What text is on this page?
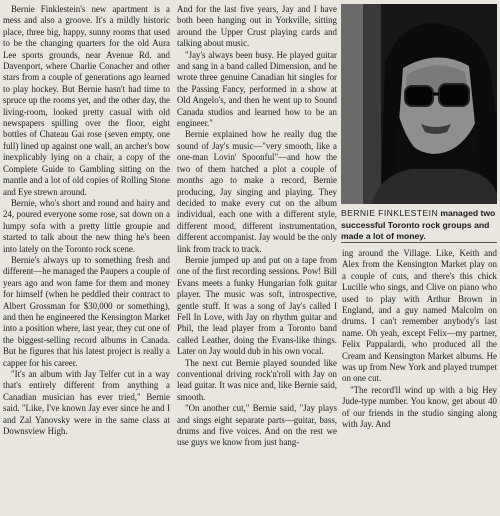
Bernie Finklestein's new apartment is a mess and also a groove. It's a mildly historic place, three big, happy, sunny rooms that used to be the changing quarters for the old Aura Lee sports grounds, near Avenue Rd. and Davenport, where Charlie Conacher and other stars from a couple of generations ago learned to play hockey. But Bernie hasn't had time to spruce up the rooms yet, and the other day, the living-room, looked pretty casual with old newspapers spilling over the floor, eight bottles of Chateau Gai rose (seven empty, one full) lined up against one wall, an archer's bow inexplicably lying on a chair, a copy of the Complete Guide to Gambling sitting on the mantle and a lot of old copies of Rolling Stone and Eye strewn around.

Bernie, who's short and round and hairy and 24, poured everyone some rose, sat down on a lumpy sofa with a pretty little groupie and started to talk about the new thing he's been into lately on the Toronto rock scene.

Bernie's always up to something fresh and different—he managed the Paupers a couple of years ago and won fame for them and money for himself (when he peddled their contract to Albert Grossman for $30,000 or something), and then he engineered the Kensington Market into a position where, last year, they cut one of the biggest-selling record albums in Canada. But he figures that his latest project is really a capper for his career.

"It's an album with Jay Telfer cut in a way that's entirely different from anything a Canadian musician has ever tried," Bernie said. "Like, I've known Jay ever since he and I and Zal Yanovsky were in the same class at Downsview High.

And for the last five years, Jay and I have both been hanging out in Yorkville, sitting around the Upper Crust playing cards and talking about music.

"Jay's always been busy. He played guitar and sang in a band called Dimension, and he wrote three genuine Canadian hit singles for the Passing Fancy, performed in a show at Old Angelo's, and then he went up to Sound Canada studios and learned how to be an engineer."

Bernie explained how he really dug the sound of Jay's music—"very smooth, like a one-man Lovin' Spoonful"—and how the two of them hatched a plot a couple of months ago to make a record, Bernie producing, Jay singing and playing. They decided to make every cut on the album individual, each one with a different style, different mood, different instrumentation, different accompanist. Jay would be the only link from track to track.

Bernie jumped up and put on a tape from one of the first recording sessions. Pow! Bill Evans meets a funky Hungarian folk guitar player. The music was soft, introspective, gentle stuff. It was a song of Jay's called I Fell In Love, with Jay on rhythm guitar and Phil, the lead player from a Toronto band called Leather, doing the Evans-like things. Later on Jay would dub in his own vocal.

The next cut Bernie played sounded like conventional driving rock'n'roll with Jay on lead guitar. It was nice and, like Bernie said, smooth.

"On another cut," Bernie said, "Jay plays and sings eight separate parts—guitar, bass, drums and five voices. And on the rest we use guys we know from just hang-

BERNIE FINKLESTEIN managed two successful Toronto rock groups and made a lot of money.

ing around the Village. Like, Keith and Alex from the Kensington Market play on a couple of cuts, and there's this chick Lucille who sings, and Clive on piano who used to play with Arthur Brown in England, and a guy named Malcolm on drums. I can't remember anybody's last name. Oh yeah, except Felix—my partner, Felix Pappalardi, who produced all the Cream and Kensington Market albums. He was up from New York and played trumpet on one cut.

"The record'll wind up with a big Hey Jude-type number. You know, get about 40 of our friends in the studio singing along with Jay. And
